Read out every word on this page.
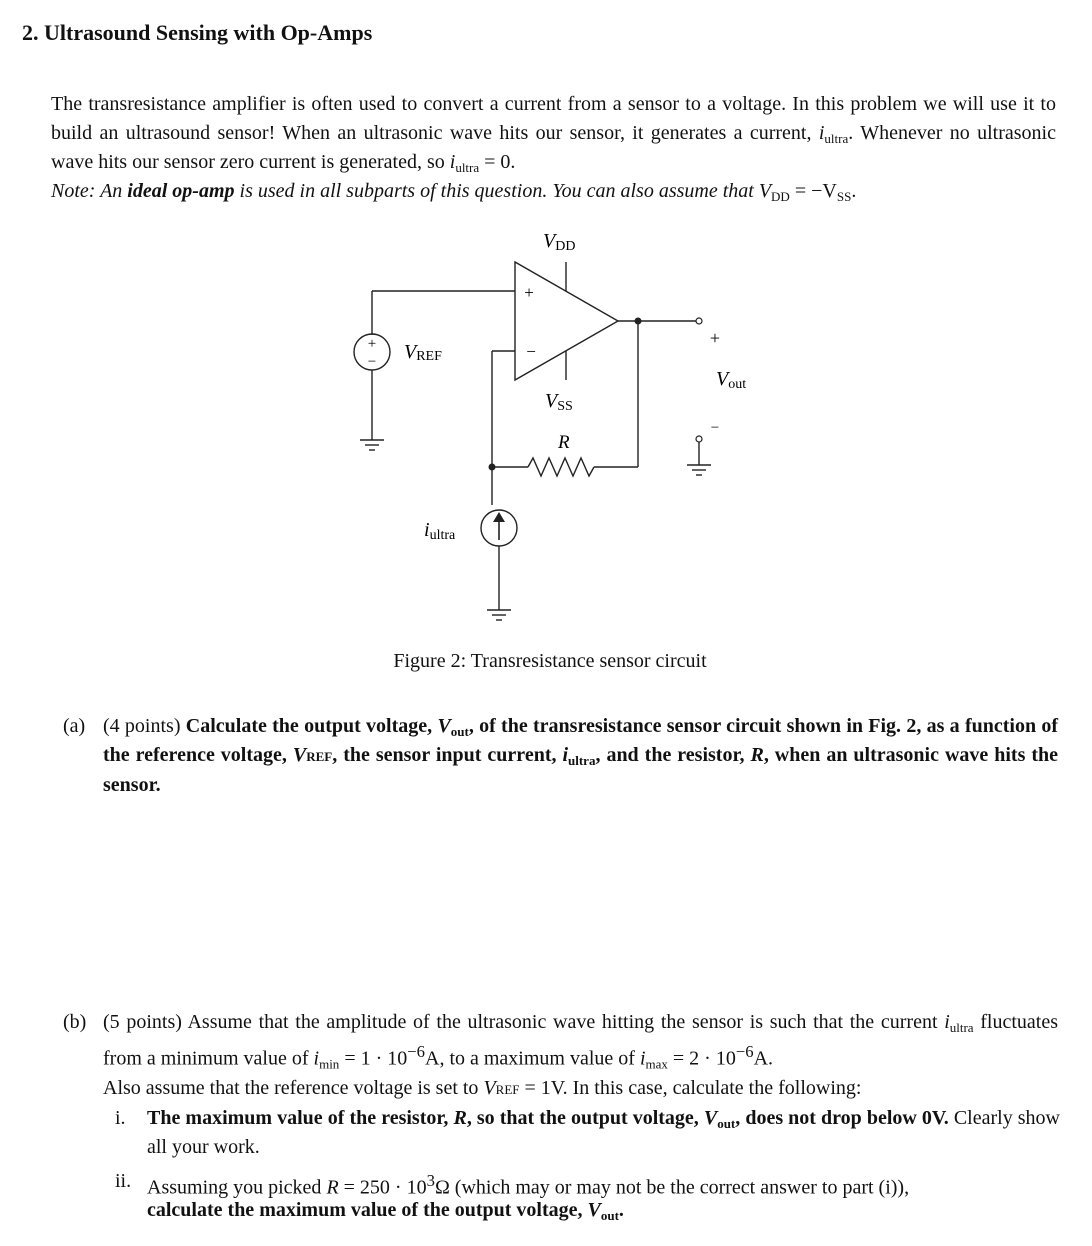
2. Ultrasound Sensing with Op-Amps

The transresistance amplifier is often used to convert a current from a sensor to a voltage. In this problem we will use it to build an ultrasound sensor! When an ultrasonic wave hits our sensor, it generates a current, $i_{ultra}$. Whenever no ultrasonic wave hits our sensor zero current is generated, so $i_{ultra} = 0$.

Note: An ideal op-amp is used in all subparts of this question. You can also assume that $V_{DD} = -V_{SS}$.

+
−
+
−
+
−
VDD
VSS
VREF
R
Vout
iultra
Figure 2: Transresistance sensor circuit
(a) (4 points) Calculate the output voltage, $V_{out}$, of the transresistance sensor circuit shown in Fig. 2, as a function of the reference voltage, VREF, the sensor input current, $i_{ultra}$, and the resistor, R, when an ultrasonic wave hits the sensor.
(b) (5 points) Assume that the amplitude of the ultrasonic wave hitting the sensor is such that the current $i_{ultra}$ fluctuates from a minimum value of $i_{min} = 1 \cdot 10^{-6}A$, to a maximum value of $i_{max} = 2 \cdot 10^{-6}A$.
Also assume that the reference voltage is set to VREF = 1V. In this case, calculate the following:
i. The maximum value of the resistor, R, so that the output voltage, $V_{out}$, does not drop below 0V. Clearly show all your work.
ii. Assuming you picked $R = 250 \cdot 10^3\Omega$ (which may or may not be the correct answer to part (i)),
calculate the maximum value of the output voltage, $V_{out}$.
